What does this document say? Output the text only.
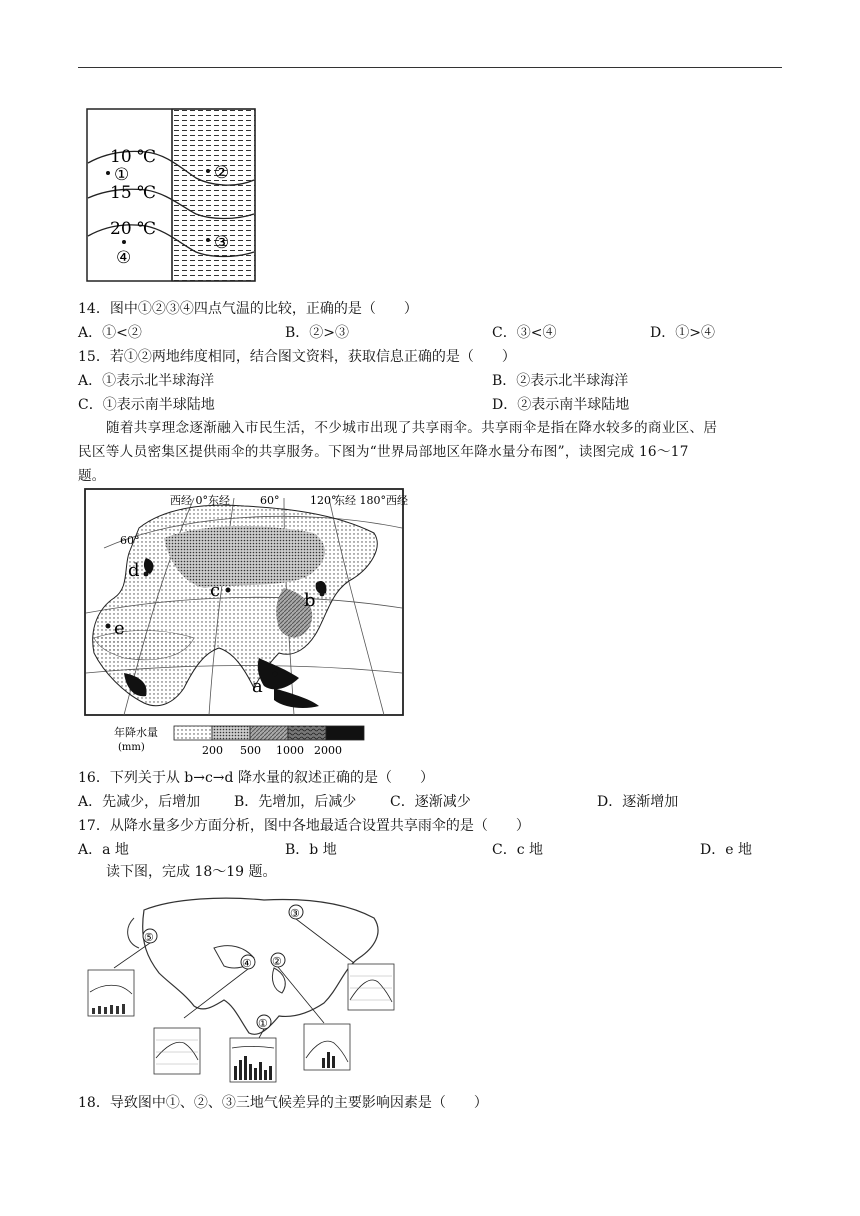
10 ℃
15 ℃
20 ℃
①	②
③
④
14．图中①②③④四点气温的比较，正确的是（　　）
A．①<②	B．②>③	C．③<④	D．①>④
15．若①②两地纬度相同，结合图文资料，获取信息正确的是（　　）
A．①表示北半球海洋	B．②表示北半球海洋
C．①表示南半球陆地	D．②表示南半球陆地
随着共享理念逐渐融入市民生活，不少城市出现了共享雨伞。共享雨伞是指在降水较多的商业区、居
民区等人员密集区提供雨伞的共享服务。下图为“世界局部地区年降水量分布图”，读图完成 16～17
题。
西经 0°东经	60°	120°
东经 180°西经
60°
a
b
c
d
e
年降水量
(mm)	200 500 1000 2000
16．下列关于从 b→c→d 降水量的叙述正确的是（　　）
A．先减少，后增加 B．先增加，后减少 C．逐渐减少	D．逐渐增加
17．从降水量多少方面分析，图中各地最适合设置共享雨伞的是（　　）
A．a 地	B．b 地	C．c 地	D．e 地
读下图，完成 18～19 题。
①
②
③
④
⑤
18．导致图中①、②、③三地气候差异的主要影响因素是（　　）
